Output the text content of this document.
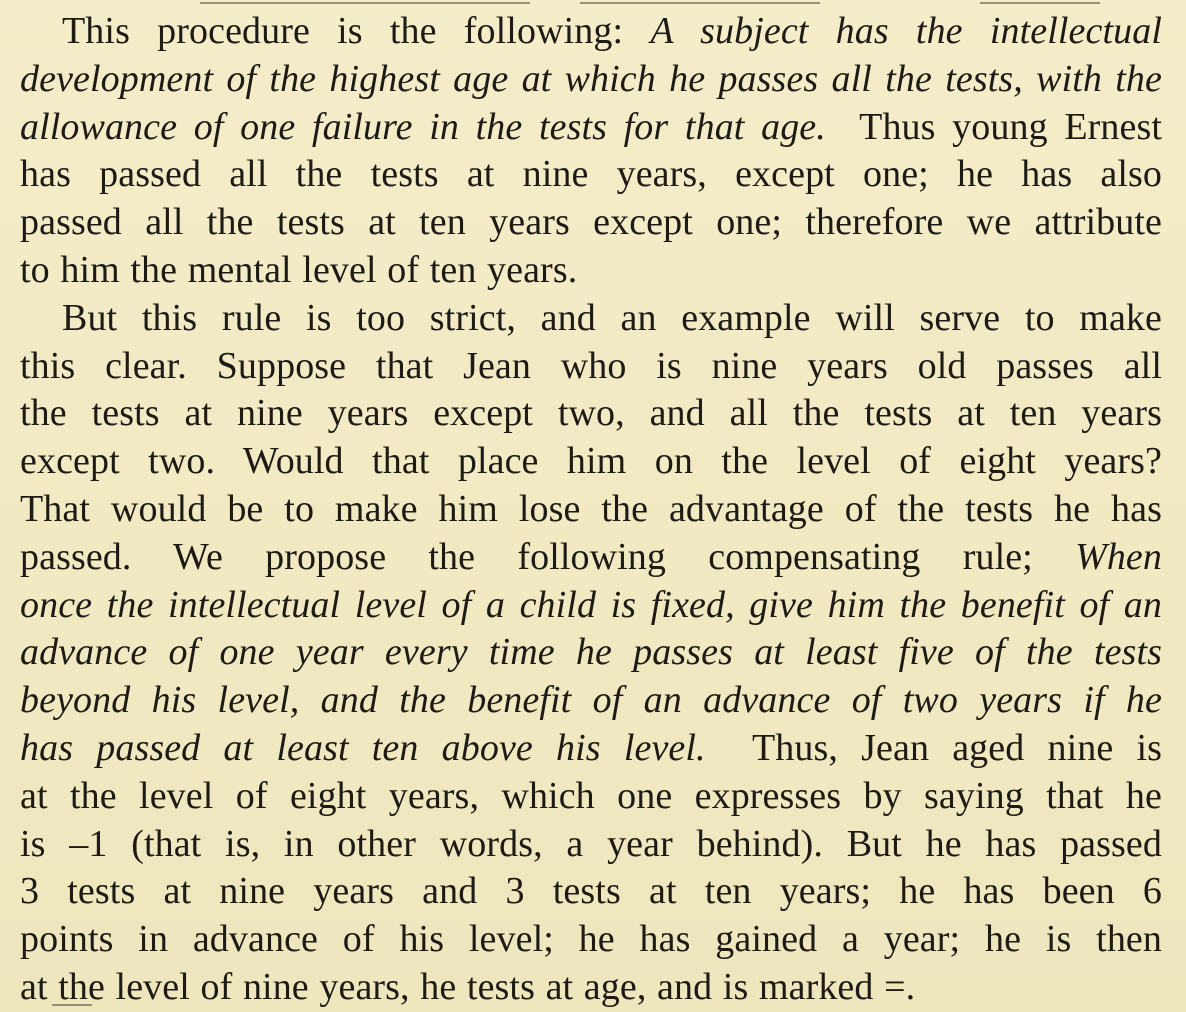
This procedure is the following: A subject has the intellectual
development of the highest age at which he passes all the tests, with the
allowance of one failure in the tests for that age. Thus young Ernest
has passed all the tests at nine years, except one; he has also
passed all the tests at ten years except one; therefore we attribute
to him the mental level of ten years.
But this rule is too strict, and an example will serve to make
this clear. Suppose that Jean who is nine years old passes all
the tests at nine years except two, and all the tests at ten years
except two. Would that place him on the level of eight years?
That would be to make him lose the advantage of the tests he has
passed. We propose the following compensating rule; When
once the intellectual level of a child is fixed, give him the benefit of an
advance of one year every time he passes at least five of the tests
beyond his level, and the benefit of an advance of two years if he
has passed at least ten above his level. Thus, Jean aged nine is
at the level of eight years, which one expresses by saying that he
is –1 (that is, in other words, a year behind). But he has passed
3 tests at nine years and 3 tests at ten years; he has been 6
points in advance of his level; he has gained a year; he is then
at the level of nine years, he tests at age, and is marked =.
